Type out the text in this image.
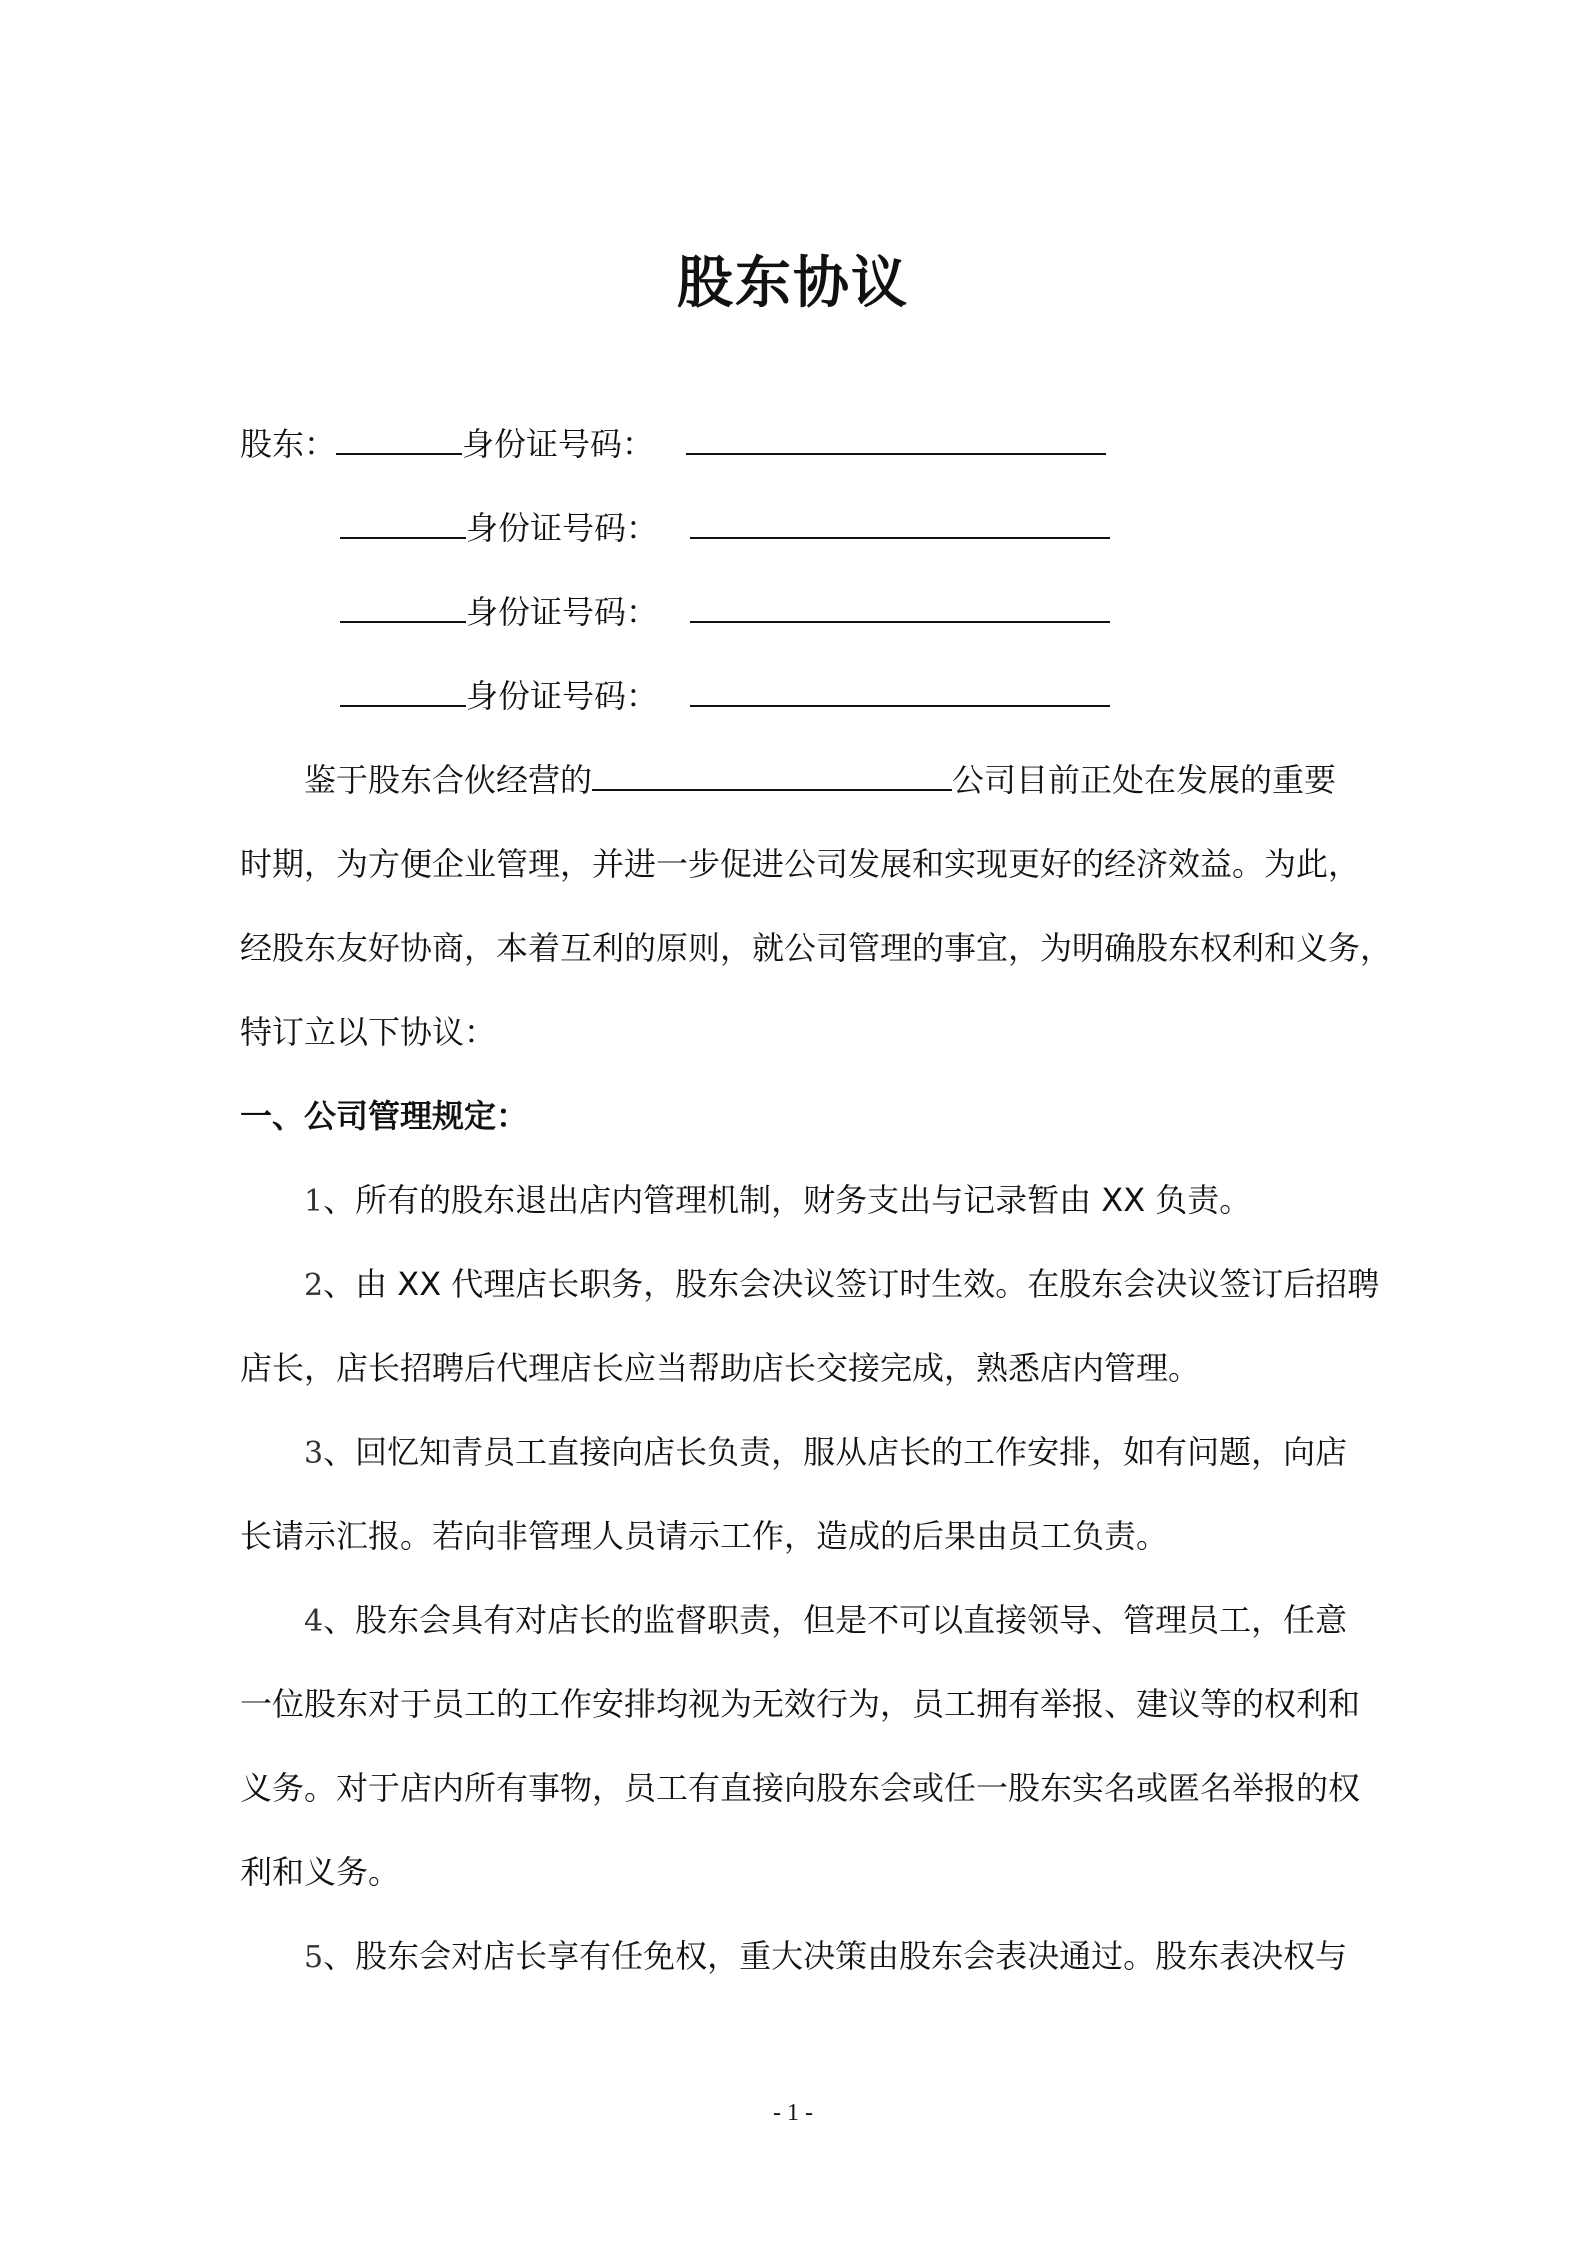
股东协议
股东：	身份证号码：
身份证号码：
身份证号码：
身份证号码：
鉴于股东合伙经营的	公司目前正处在发展的重要
时期，为方便企业管理，并进一步促进公司发展和实现更好的经济效益。为此，
经股东友好协商，本着互利的原则，就公司管理的事宜，为明确股东权利和义务，
特订立以下协议：
一、公司管理规定：
1、所有的股东退出店内管理机制，财务支出与记录暂由 XX 负责。
2、由 XX 代理店长职务，股东会决议签订时生效。在股东会决议签订后招聘
店长，店长招聘后代理店长应当帮助店长交接完成，熟悉店内管理。
3、回忆知青员工直接向店长负责，服从店长的工作安排，如有问题，向店
长请示汇报。若向非管理人员请示工作，造成的后果由员工负责。
4、股东会具有对店长的监督职责，但是不可以直接领导、管理员工，任意
一位股东对于员工的工作安排均视为无效行为，员工拥有举报、建议等的权利和
义务。对于店内所有事物，员工有直接向股东会或任一股东实名或匿名举报的权
利和义务。
5、股东会对店长享有任免权，重大决策由股东会表决通过。股东表决权与
- 1 -
